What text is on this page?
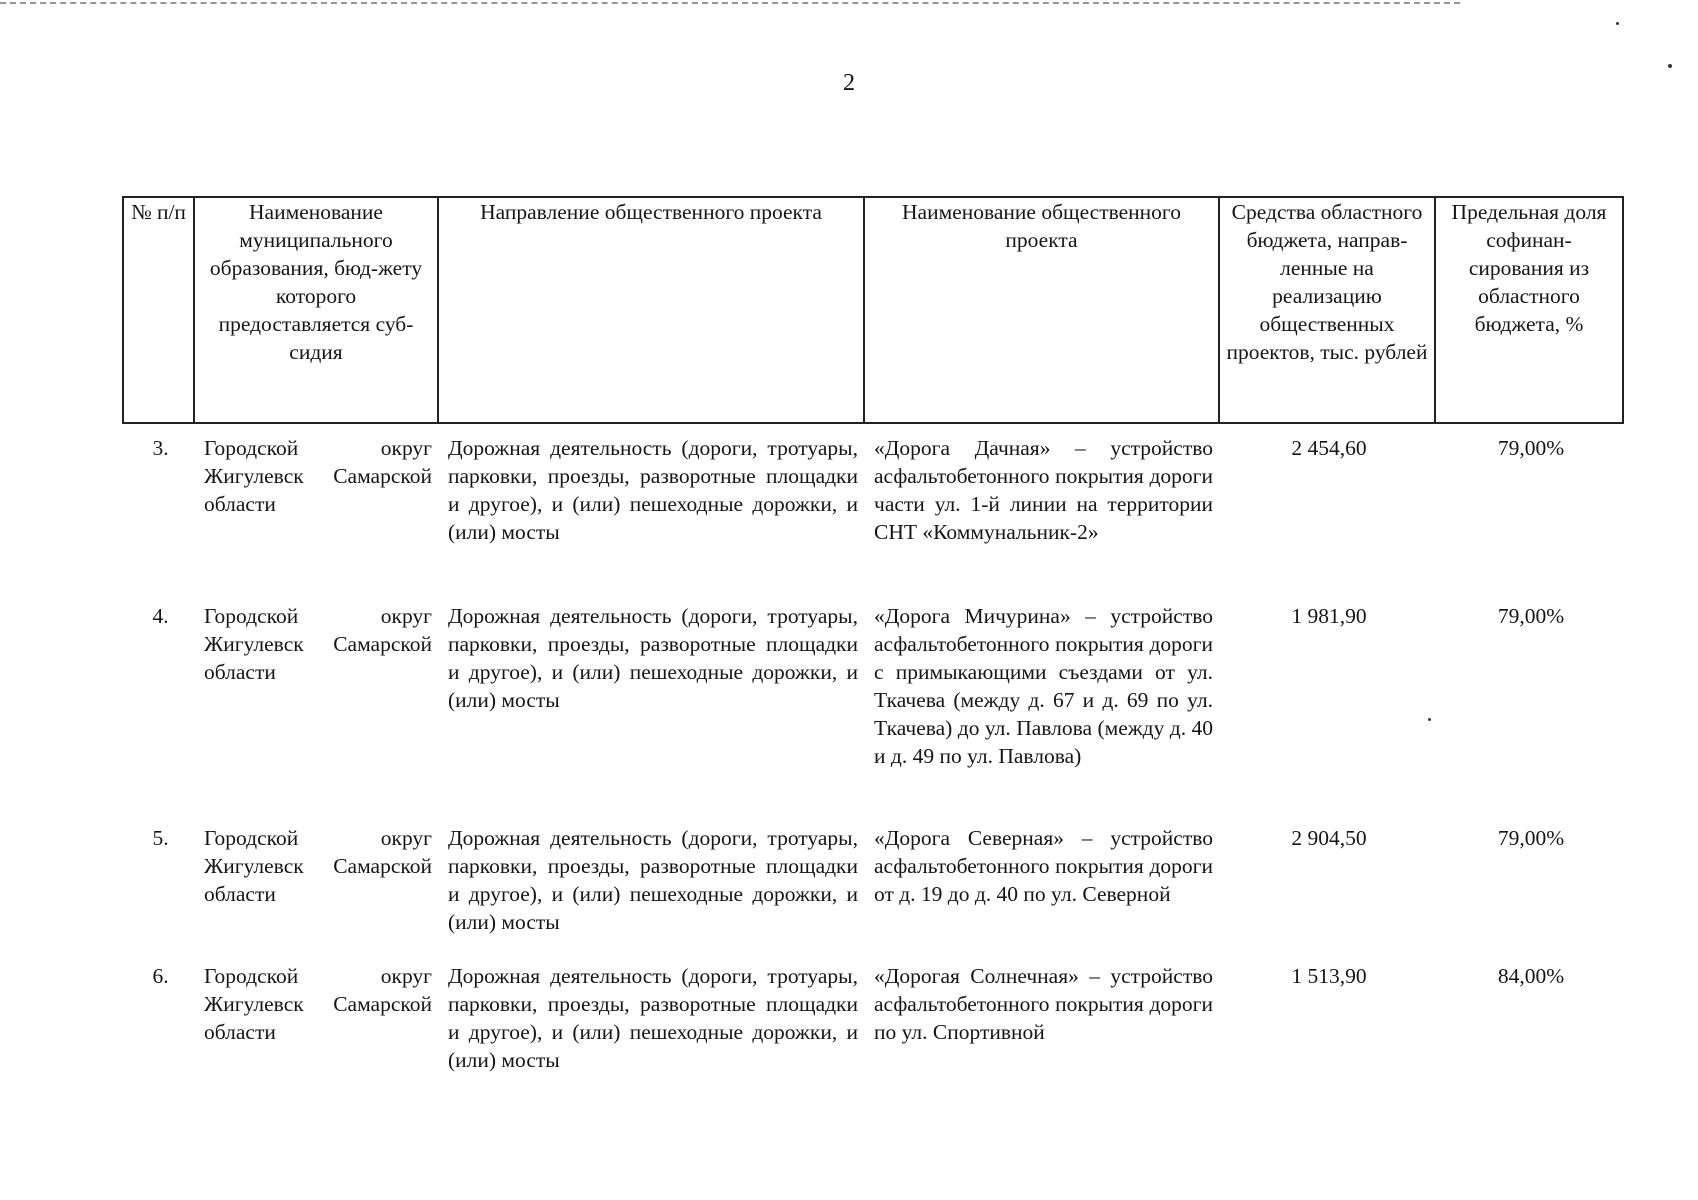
2
№ п/п	Наименование муниципального образования, бюд-жету которого предоставляется суб-сидия	Направление общественного проекта	Наименование общественного проекта	Средства областного бюджета, направ-ленные на реализацию общественных проектов, тыс. рублей	Предельная доля софинан-сирования из областного бюджета, %
3.	Городской округ Жигулевск Самарской области	Дорожная деятельность (дороги, тротуары, парковки, проезды, разворотные площадки и другое), и (или) пешеходные дорожки, и (или) мосты	«Дорога Дачная» – устройство асфальтобетонного покрытия дороги части ул. 1-й линии на территории СНТ «Коммунальник-2»	2 454,60	79,00%
4.	Городской округ Жигулевск Самарской области	Дорожная деятельность (дороги, тротуары, парковки, проезды, разворотные площадки и другое), и (или) пешеходные дорожки, и (или) мосты	«Дорога Мичурина» – устройство асфальтобетонного покрытия дороги с примыкающими съездами от ул. Ткачева (между д. 67 и д. 69 по ул. Ткачева) до ул. Павлова (между д. 40 и д. 49 по ул. Павлова)	1 981,90	79,00%
5.	Городской округ Жигулевск Самарской области	Дорожная деятельность (дороги, тротуары, парковки, проезды, разворотные площадки и другое), и (или) пешеходные дорожки, и (или) мосты	«Дорога Северная» – устройство асфальтобетонного покрытия дороги от д. 19 до д. 40 по ул. Северной	2 904,50	79,00%
6.	Городской округ Жигулевск Самарской области	Дорожная деятельность (дороги, тротуары, парковки, проезды, разворотные площадки и другое), и (или) пешеходные дорожки, и (или) мосты	«Дорогая Солнечная» – устройство асфальтобетонного покрытия дороги по ул. Спортивной	1 513,90	84,00%
